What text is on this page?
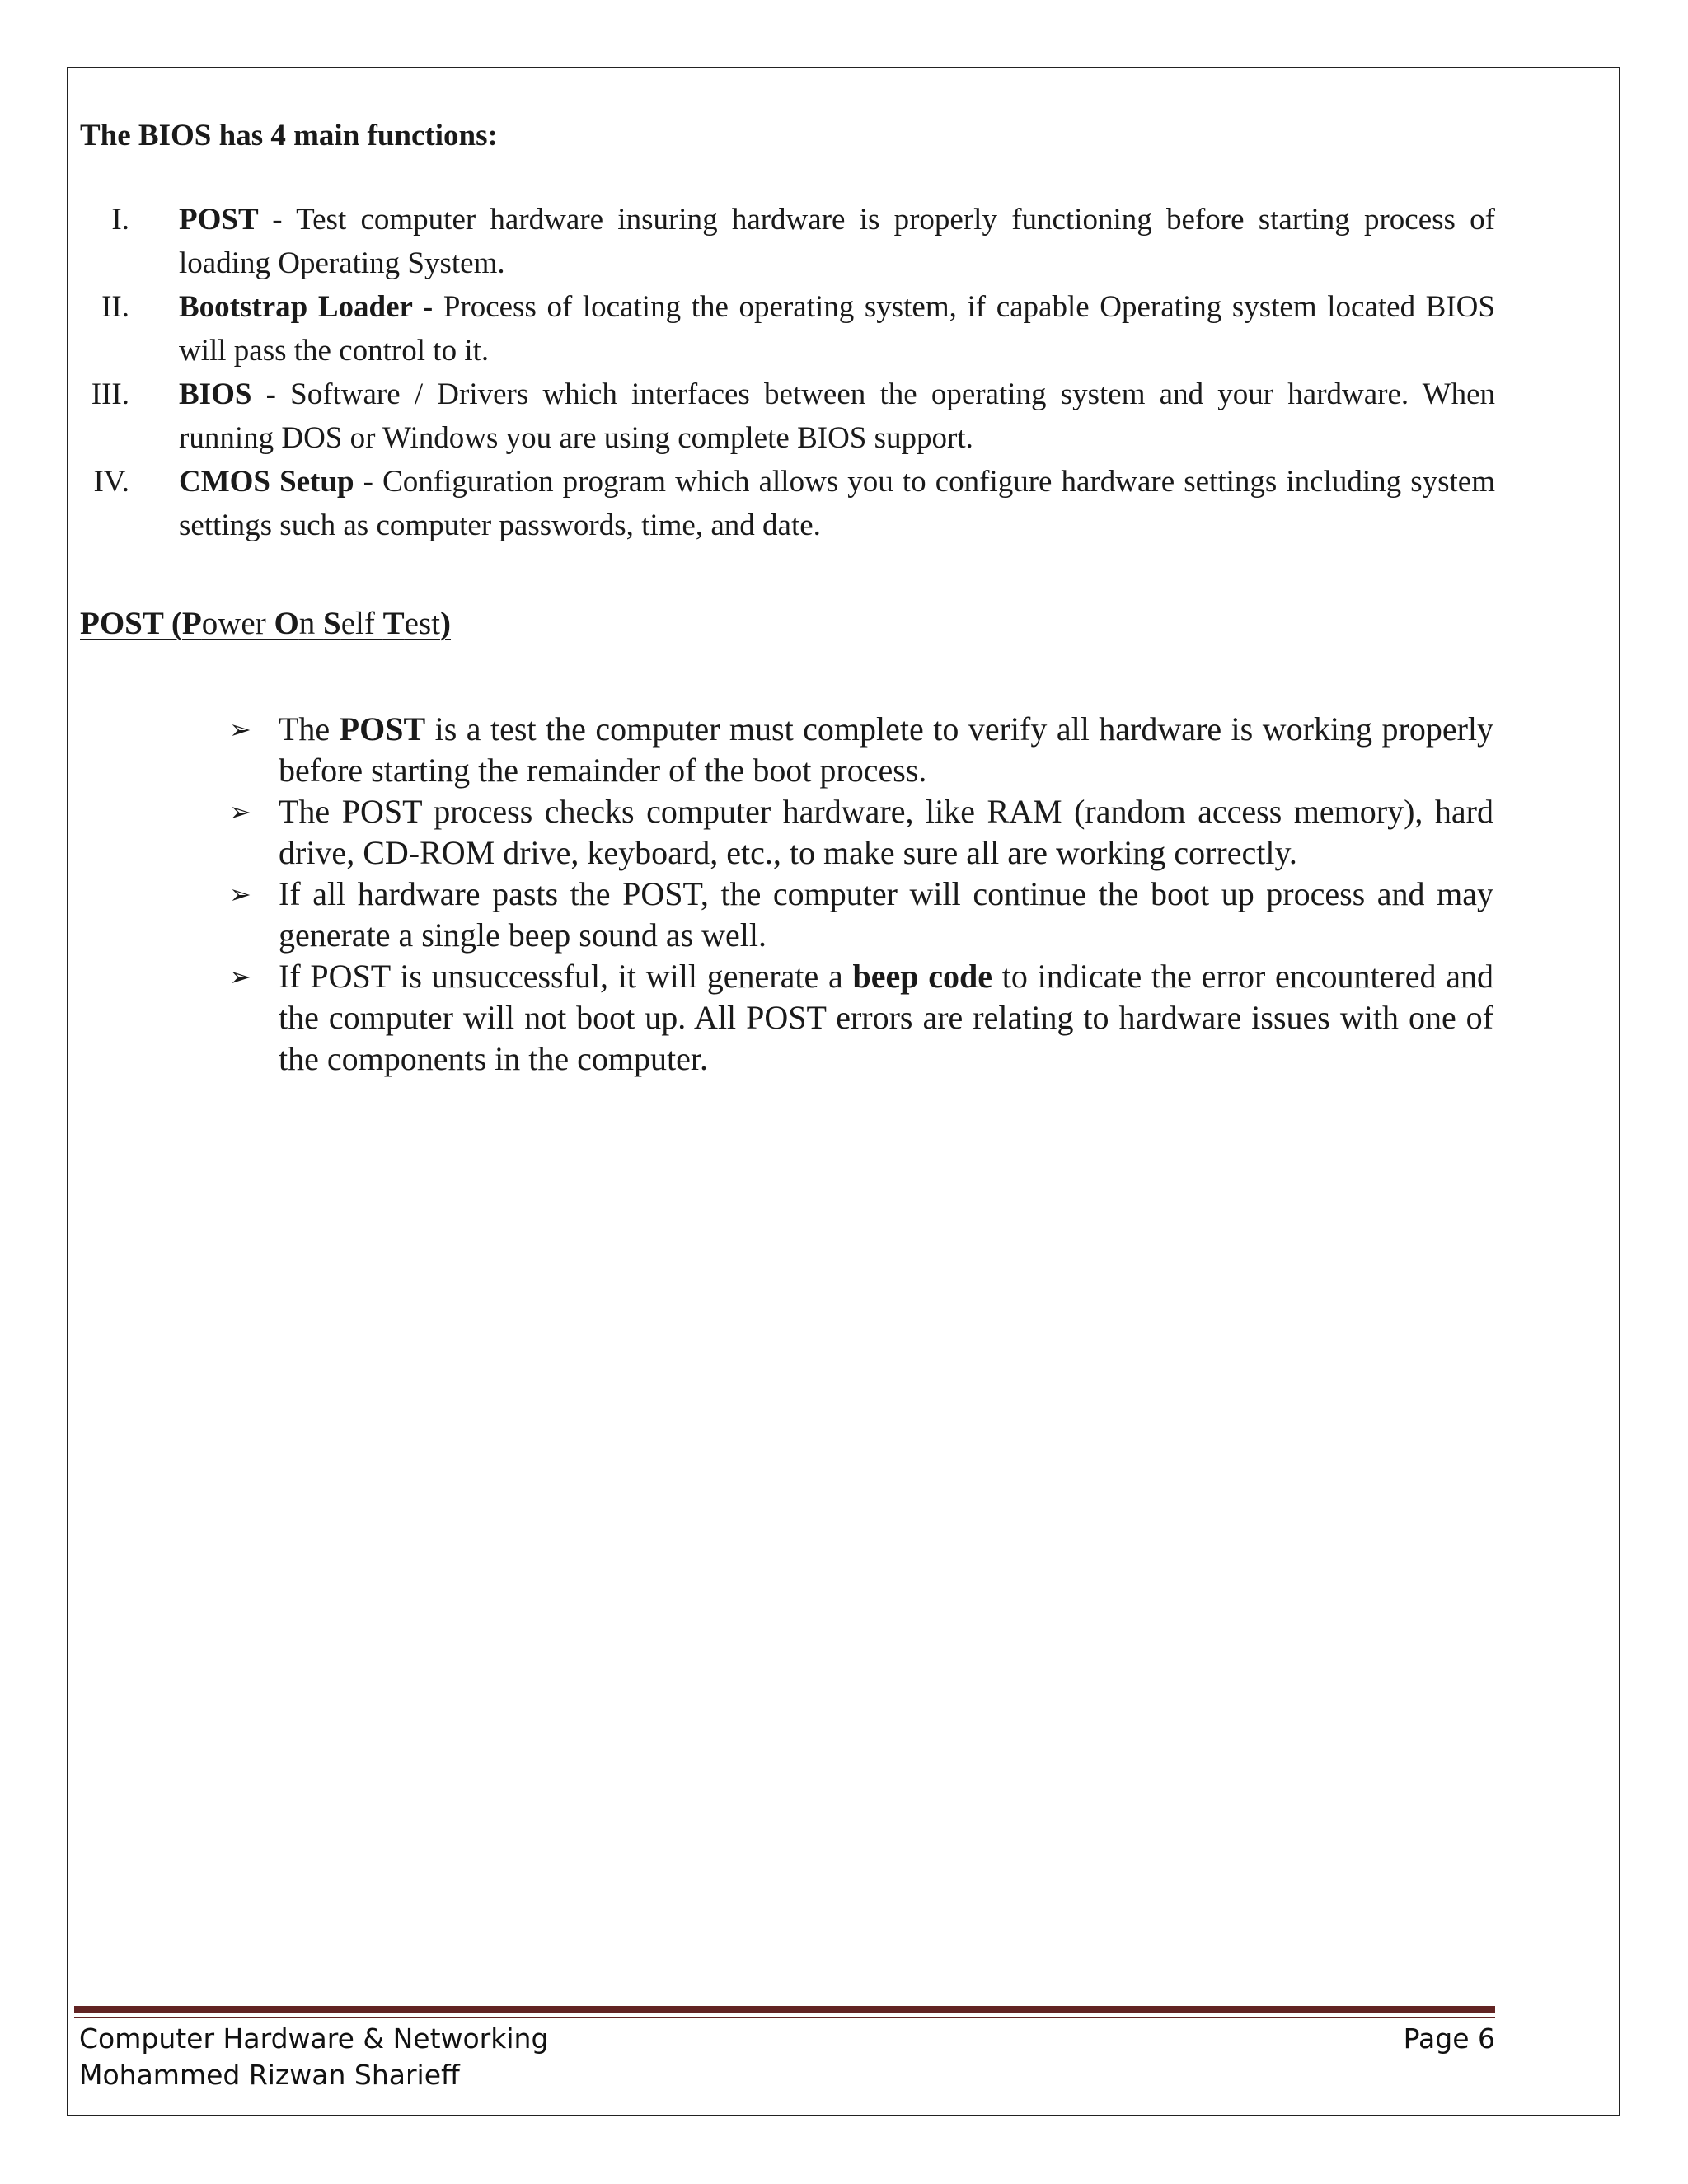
The BIOS has 4 main functions:
I. POST - Test computer hardware insuring hardware is properly functioning before starting process of loading Operating System.
II. Bootstrap Loader - Process of locating the operating system, if capable Operating system located BIOS will pass the control to it.
III. BIOS - Software / Drivers which interfaces between the operating system and your hardware. When running DOS or Windows you are using complete BIOS support.
IV. CMOS Setup - Configuration program which allows you to configure hardware settings including system settings such as computer passwords, time, and date.
POST (Power On Self Test)
➢ The POST is a test the computer must complete to verify all hardware is working properly before starting the remainder of the boot process.
➢ The POST process checks computer hardware, like RAM (random access memory), hard drive, CD-ROM drive, keyboard, etc., to make sure all are working correctly.
➢ If all hardware pasts the POST, the computer will continue the boot up process and may generate a single beep sound as well.
➢ If POST is unsuccessful, it will generate a beep code to indicate the error encountered and the computer will not boot up. All POST errors are relating to hardware issues with one of the components in the computer.
Computer Hardware & Networking
Mohammed Rizwan Sharieff
Page 6
